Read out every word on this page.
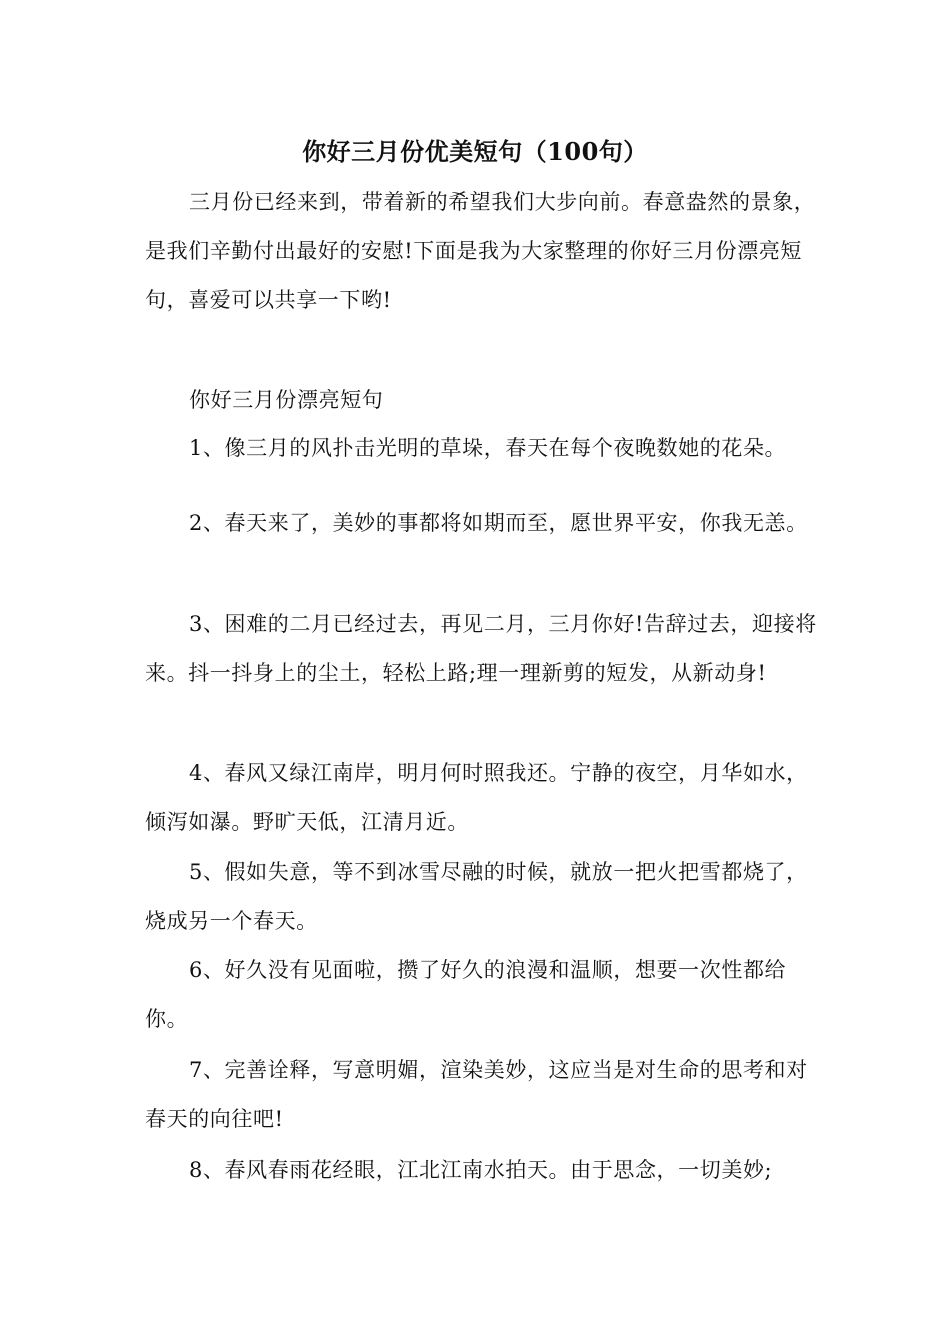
你好三月份优美短句（100句）
三月份已经来到，带着新的希望我们大步向前。春意盎然的景象，是我们辛勤付出最好的安慰!下面是我为大家整理的你好三月份漂亮短句，喜爱可以共享一下哟!
你好三月份漂亮短句
1、像三月的风扑击光明的草垛，春天在每个夜晚数她的花朵。
2、春天来了，美妙的事都将如期而至，愿世界平安，你我无恙。
3、困难的二月已经过去，再见二月，三月你好!告辞过去，迎接将来。抖一抖身上的尘土，轻松上路;理一理新剪的短发，从新动身!
4、春风又绿江南岸，明月何时照我还。宁静的夜空，月华如水，倾泻如瀑。野旷天低，江清月近。
5、假如失意，等不到冰雪尽融的时候，就放一把火把雪都烧了，烧成另一个春天。
6、好久没有见面啦，攒了好久的浪漫和温顺，想要一次性都给你。
7、完善诠释，写意明媚，渲染美妙，这应当是对生命的思考和对春天的向往吧!
8、春风春雨花经眼，江北江南水拍天。由于思念，一切美妙;
